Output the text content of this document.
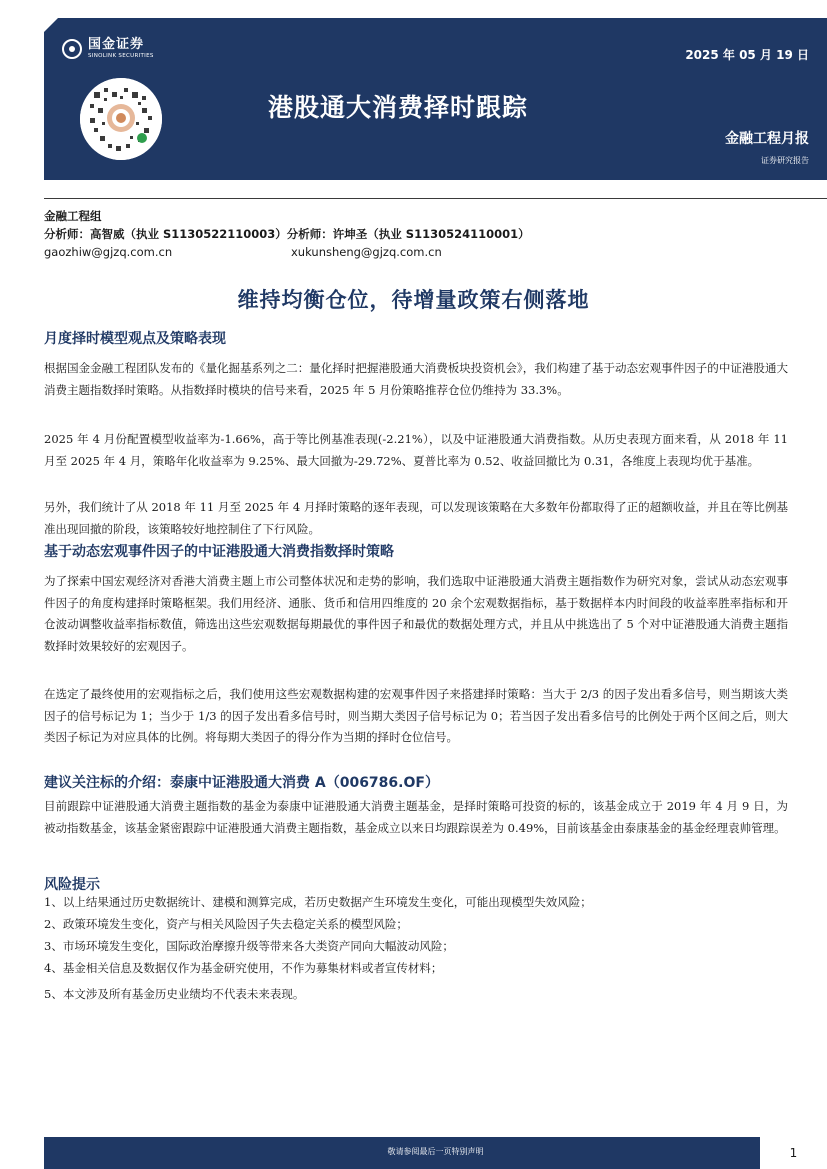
国金证券
SINOLINK SECURITIES	2025 年 05 月 19 日
港股通大消费择时跟踪
金融工程月报
证券研究报告
金融工程组
分析师：高智威（执业 S1130522110003）分析师：许坤圣（执业 S1130524110001）
gaozhiw@gjzq.com.cn	xukunsheng@gjzq.com.cn
维持均衡仓位，待增量政策右侧落地
月度择时模型观点及策略表现
根据国金金融工程团队发布的《量化掘基系列之二：量化择时把握港股通大消费板块投资机会》，我们构建了基于动态宏观事件因子的中证港股通大消费主题指数择时策略。从指数择时模块的信号来看，2025 年 5 月份策略推荐仓位仍维持为 33.3%。
2025 年 4 月份配置模型收益率为-1.66%，高于等比例基准表现(-2.21%），以及中证港股通大消费指数。从历史表现方面来看，从 2018 年 11 月至 2025 年 4 月，策略年化收益率为 9.25%、最大回撤为-29.72%、夏普比率为 0.52、收益回撤比为 0.31，各维度上表现均优于基准。
另外，我们统计了从 2018 年 11 月至 2025 年 4 月择时策略的逐年表现，可以发现该策略在大多数年份都取得了正的超额收益，并且在等比例基准出现回撤的阶段，该策略较好地控制住了下行风险。
基于动态宏观事件因子的中证港股通大消费指数择时策略
为了探索中国宏观经济对香港大消费主题上市公司整体状况和走势的影响，我们选取中证港股通大消费主题指数作为研究对象，尝试从动态宏观事件因子的角度构建择时策略框架。我们用经济、通胀、货币和信用四维度的 20 余个宏观数据指标，基于数据样本内时间段的收益率胜率指标和开仓波动调整收益率指标数值，筛选出这些宏观数据每期最优的事件因子和最优的数据处理方式，并且从中挑选出了 5 个对中证港股通大消费主题指数择时效果较好的宏观因子。
在选定了最终使用的宏观指标之后，我们使用这些宏观数据构建的宏观事件因子来搭建择时策略：当大于 2/3 的因子发出看多信号，则当期该大类因子的信号标记为 1；当少于 1/3 的因子发出看多信号时，则当期大类因子信号标记为 0；若当因子发出看多信号的比例处于两个区间之后，则大类因子标记为对应具体的比例。将每期大类因子的得分作为当期的择时仓位信号。
建议关注标的介绍：泰康中证港股通大消费 A（006786.OF）
目前跟踪中证港股通大消费主题指数的基金为泰康中证港股通大消费主题基金，是择时策略可投资的标的，该基金成立于 2019 年 4 月 9 日，为被动指数基金，该基金紧密跟踪中证港股通大消费主题指数，基金成立以来日均跟踪误差为 0.49%，目前该基金由泰康基金的基金经理袁帅管理。
风险提示
1、以上结果通过历史数据统计、建模和测算完成，若历史数据产生环境发生变化，可能出现模型失效风险；
2、政策环境发生变化，资产与相关风险因子失去稳定关系的模型风险；
3、市场环境发生变化，国际政治摩擦升级等带来各大类资产同向大幅波动风险；
4、基金相关信息及数据仅作为基金研究使用，不作为募集材料或者宣传材料；
5、本文涉及所有基金历史业绩均不代表未来表现。
敬请参阅最后一页特别声明	1
